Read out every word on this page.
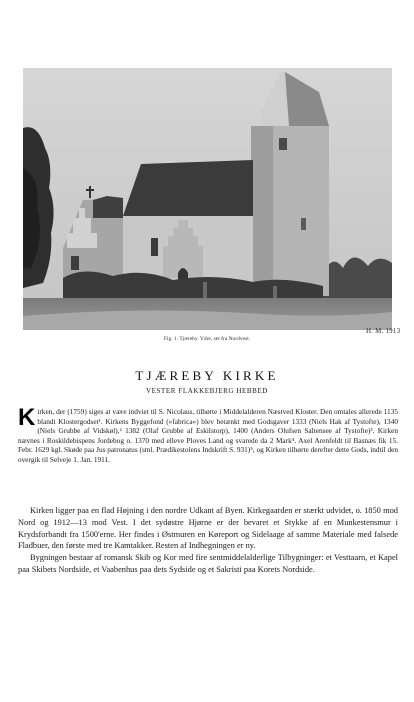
H. M. 1913
Fig. 1. Tjæreby. Ydre, set fra Nordvest.
TJÆREBY KIRKE
VESTER FLAKKEBJERG HEBBED
Kirken, der (1759) siges at være indviet til S. Nicolaus, tilhørte i Middelalderen Næstved Kloster. Den omtales allerede 1135 blandt Klostergodset¹. Kirkens Byggefond (»fabrica«) blev betænkt med Godsgaver 1333 (Niels Hak af Tystofte), 1340 (Niels Grubbe af Vidskøl),² 1382 (Olaf Grubbe af Eskilstorp), 1400 (Anders Olufsen Saltensee af Tystofte)³. Kirken nævnes i Roskildebispens Jordebog o. 1370 med elleve Ploves Land og svarede da 2 Mark⁴. Axel Arenfeldt til Basnæs fik 15. Febr. 1629 kgl. Skøde paa Jus patronatus (sml. Prædikestolens Indskrift S. 931)⁵, og Kirken tilhørte derefter dette Gods, indtil den overgik til Selveje 1. Jan. 1911.

Kirken ligger paa en flad Højning i den nordre Udkant af Byen. Kirkegaarden er stærkt udvidet, o. 1850 mod Nord og 1912—13 mod Vest. I det sydøstre Hjørne er der bevaret et Stykke af en Munkestensmur i Krydsforbandt fra 1500'erne. Her findes i Østmuren en Køreport og Sidelaage af samme Materiale med falsede Fladbuer, den første med tre Kamtakker. Resten af Indhegningen er ny.

Bygningen bestaar af romansk Skib og Kor med fire sentmiddelalderlige Tilbygninger: et Vesttaarn, et Kapel paa Skibets Nordside, et Vaabenhus paa dets Sydside og et Sakristi paa Korets Nordside.
